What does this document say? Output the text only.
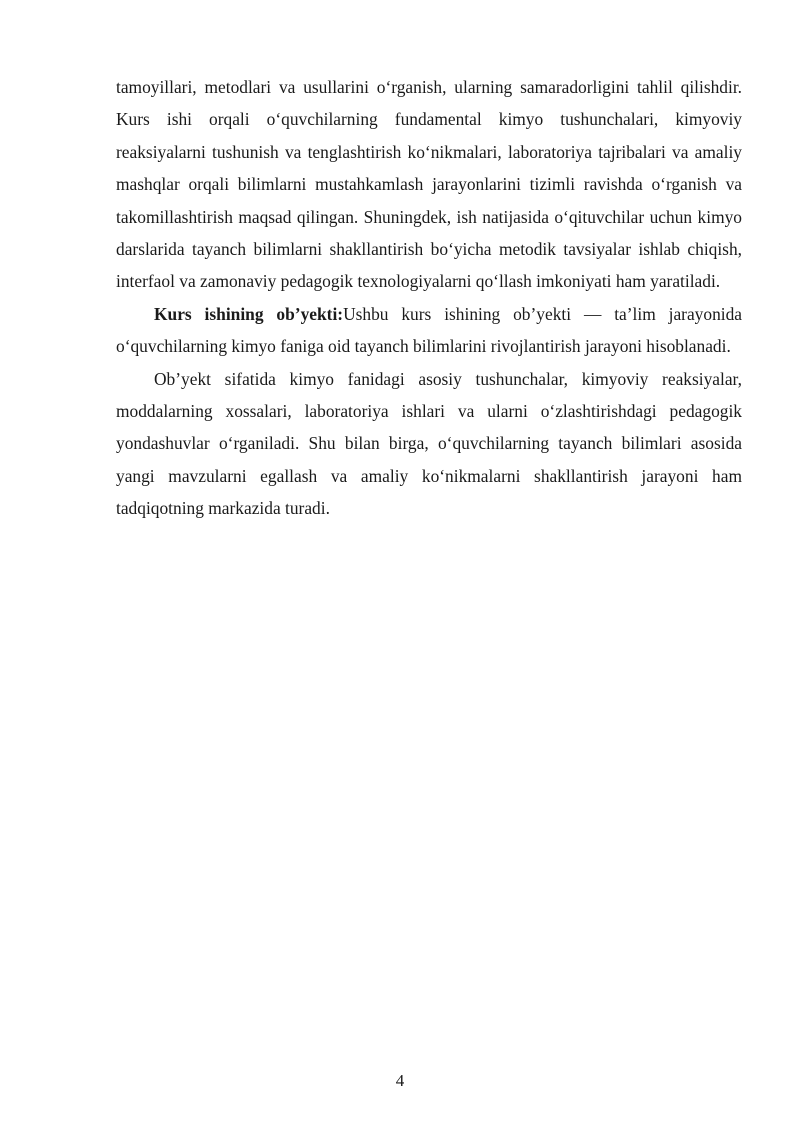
tamoyillari, metodlari va usullarini o‘rganish, ularning samaradorligini tahlil qilishdir. Kurs ishi orqali o‘quvchilarning fundamental kimyo tushunchalari, kimyoviy reaksiyalarni tushunish va tenglashtirish ko‘nikmalari, laboratoriya tajribalari va amaliy mashqlar orqali bilimlarni mustahkamlash jarayonlarini tizimli ravishda o‘rganish va takomillashtirish maqsad qilingan. Shuningdek, ish natijasida o‘qituvchilar uchun kimyo darslarida tayanch bilimlarni shakllantirish bo‘yicha metodik tavsiyalar ishlab chiqish, interfaol va zamonaviy pedagogik texnologiyalarni qo‘llash imkoniyati ham yaratiladi.

Kurs ishining ob’yekti:Ushbu kurs ishining ob’yekti — ta’lim jarayonida o‘quvchilarning kimyo faniga oid tayanch bilimlarini rivojlantirish jarayoni hisoblanadi.

Ob’yekt sifatida kimyo fanidagi asosiy tushunchalar, kimyoviy reaksiyalar, moddalarning xossalari, laboratoriya ishlari va ularni o‘zlashtirishdagi pedagogik yondashuvlar o‘rganiladi. Shu bilan birga, o‘quvchilarning tayanch bilimlari asosida yangi mavzularni egallash va amaliy ko‘nikmalarni shakllantirish jarayoni ham tadqiqotning markazida turadi.

4
